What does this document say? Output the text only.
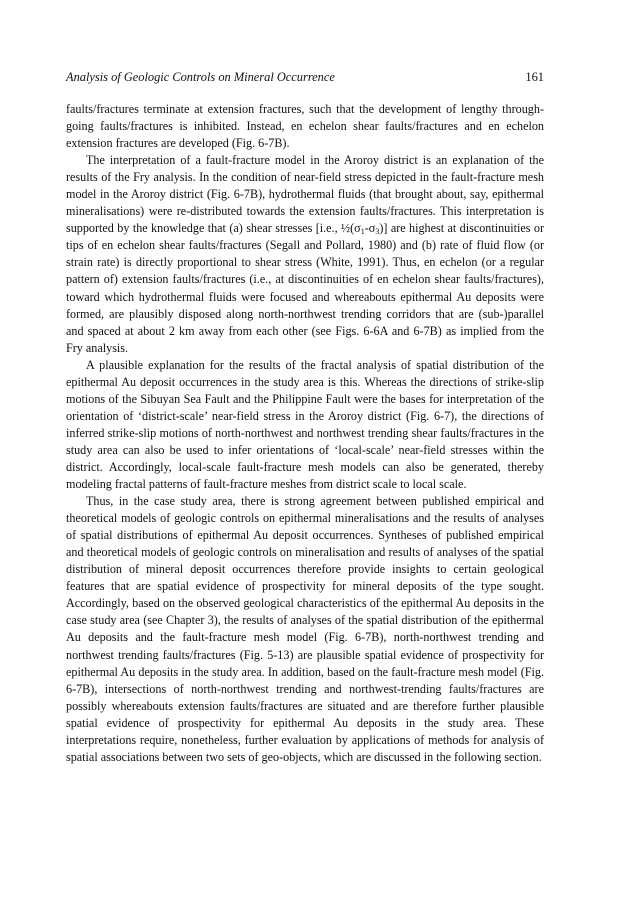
Analysis of Geologic Controls on Mineral Occurrence	161

faults/fractures terminate at extension fractures, such that the development of lengthy through-going faults/fractures is inhibited. Instead, en echelon shear faults/fractures and en echelon extension fractures are developed (Fig. 6-7B).

The interpretation of a fault-fracture model in the Aroroy district is an explanation of the results of the Fry analysis. In the condition of near-field stress depicted in the fault-fracture mesh model in the Aroroy district (Fig. 6-7B), hydrothermal fluids (that brought about, say, epithermal mineralisations) were re-distributed towards the extension faults/fractures. This interpretation is supported by the knowledge that (a) shear stresses [i.e., $\frac{1}{2}(\sigma_1-\sigma_3)$] are highest at discontinuities or tips of en echelon shear faults/fractures (Segall and Pollard, 1980) and (b) rate of fluid flow (or strain rate) is directly proportional to shear stress (White, 1991). Thus, en echelon (or a regular pattern of) extension faults/fractures (i.e., at discontinuities of en echelon shear faults/fractures), toward which hydrothermal fluids were focused and whereabouts epithermal Au deposits were formed, are plausibly disposed along north-northwest trending corridors that are (sub-)parallel and spaced at about 2 km away from each other (see Figs. 6-6A and 6-7B) as implied from the Fry analysis.

A plausible explanation for the results of the fractal analysis of spatial distribution of the epithermal Au deposit occurrences in the study area is this. Whereas the directions of strike-slip motions of the Sibuyan Sea Fault and the Philippine Fault were the bases for interpretation of the orientation of ‘district-scale’ near-field stress in the Aroroy district (Fig. 6-7), the directions of inferred strike-slip motions of north-northwest and northwest trending shear faults/fractures in the study area can also be used to infer orientations of ‘local-scale’ near-field stresses within the district. Accordingly, local-scale fault-fracture mesh models can also be generated, thereby modeling fractal patterns of fault-fracture meshes from district scale to local scale.

Thus, in the case study area, there is strong agreement between published empirical and theoretical models of geologic controls on epithermal mineralisations and the results of analyses of spatial distributions of epithermal Au deposit occurrences. Syntheses of published empirical and theoretical models of geologic controls on mineralisation and results of analyses of the spatial distribution of mineral deposit occurrences therefore provide insights to certain geological features that are spatial evidence of prospectivity for mineral deposits of the type sought. Accordingly, based on the observed geological characteristics of the epithermal Au deposits in the case study area (see Chapter 3), the results of analyses of the spatial distribution of the epithermal Au deposits and the fault-fracture mesh model (Fig. 6-7B), north-northwest trending and northwest trending faults/fractures (Fig. 5-13) are plausible spatial evidence of prospectivity for epithermal Au deposits in the study area. In addition, based on the fault-fracture mesh model (Fig. 6-7B), intersections of north-northwest trending and northwest-trending faults/fractures are possibly whereabouts extension faults/fractures are situated and are therefore further plausible spatial evidence of prospectivity for epithermal Au deposits in the study area. These interpretations require, nonetheless, further evaluation by applications of methods for analysis of spatial associations between two sets of geo-objects, which are discussed in the following section.
